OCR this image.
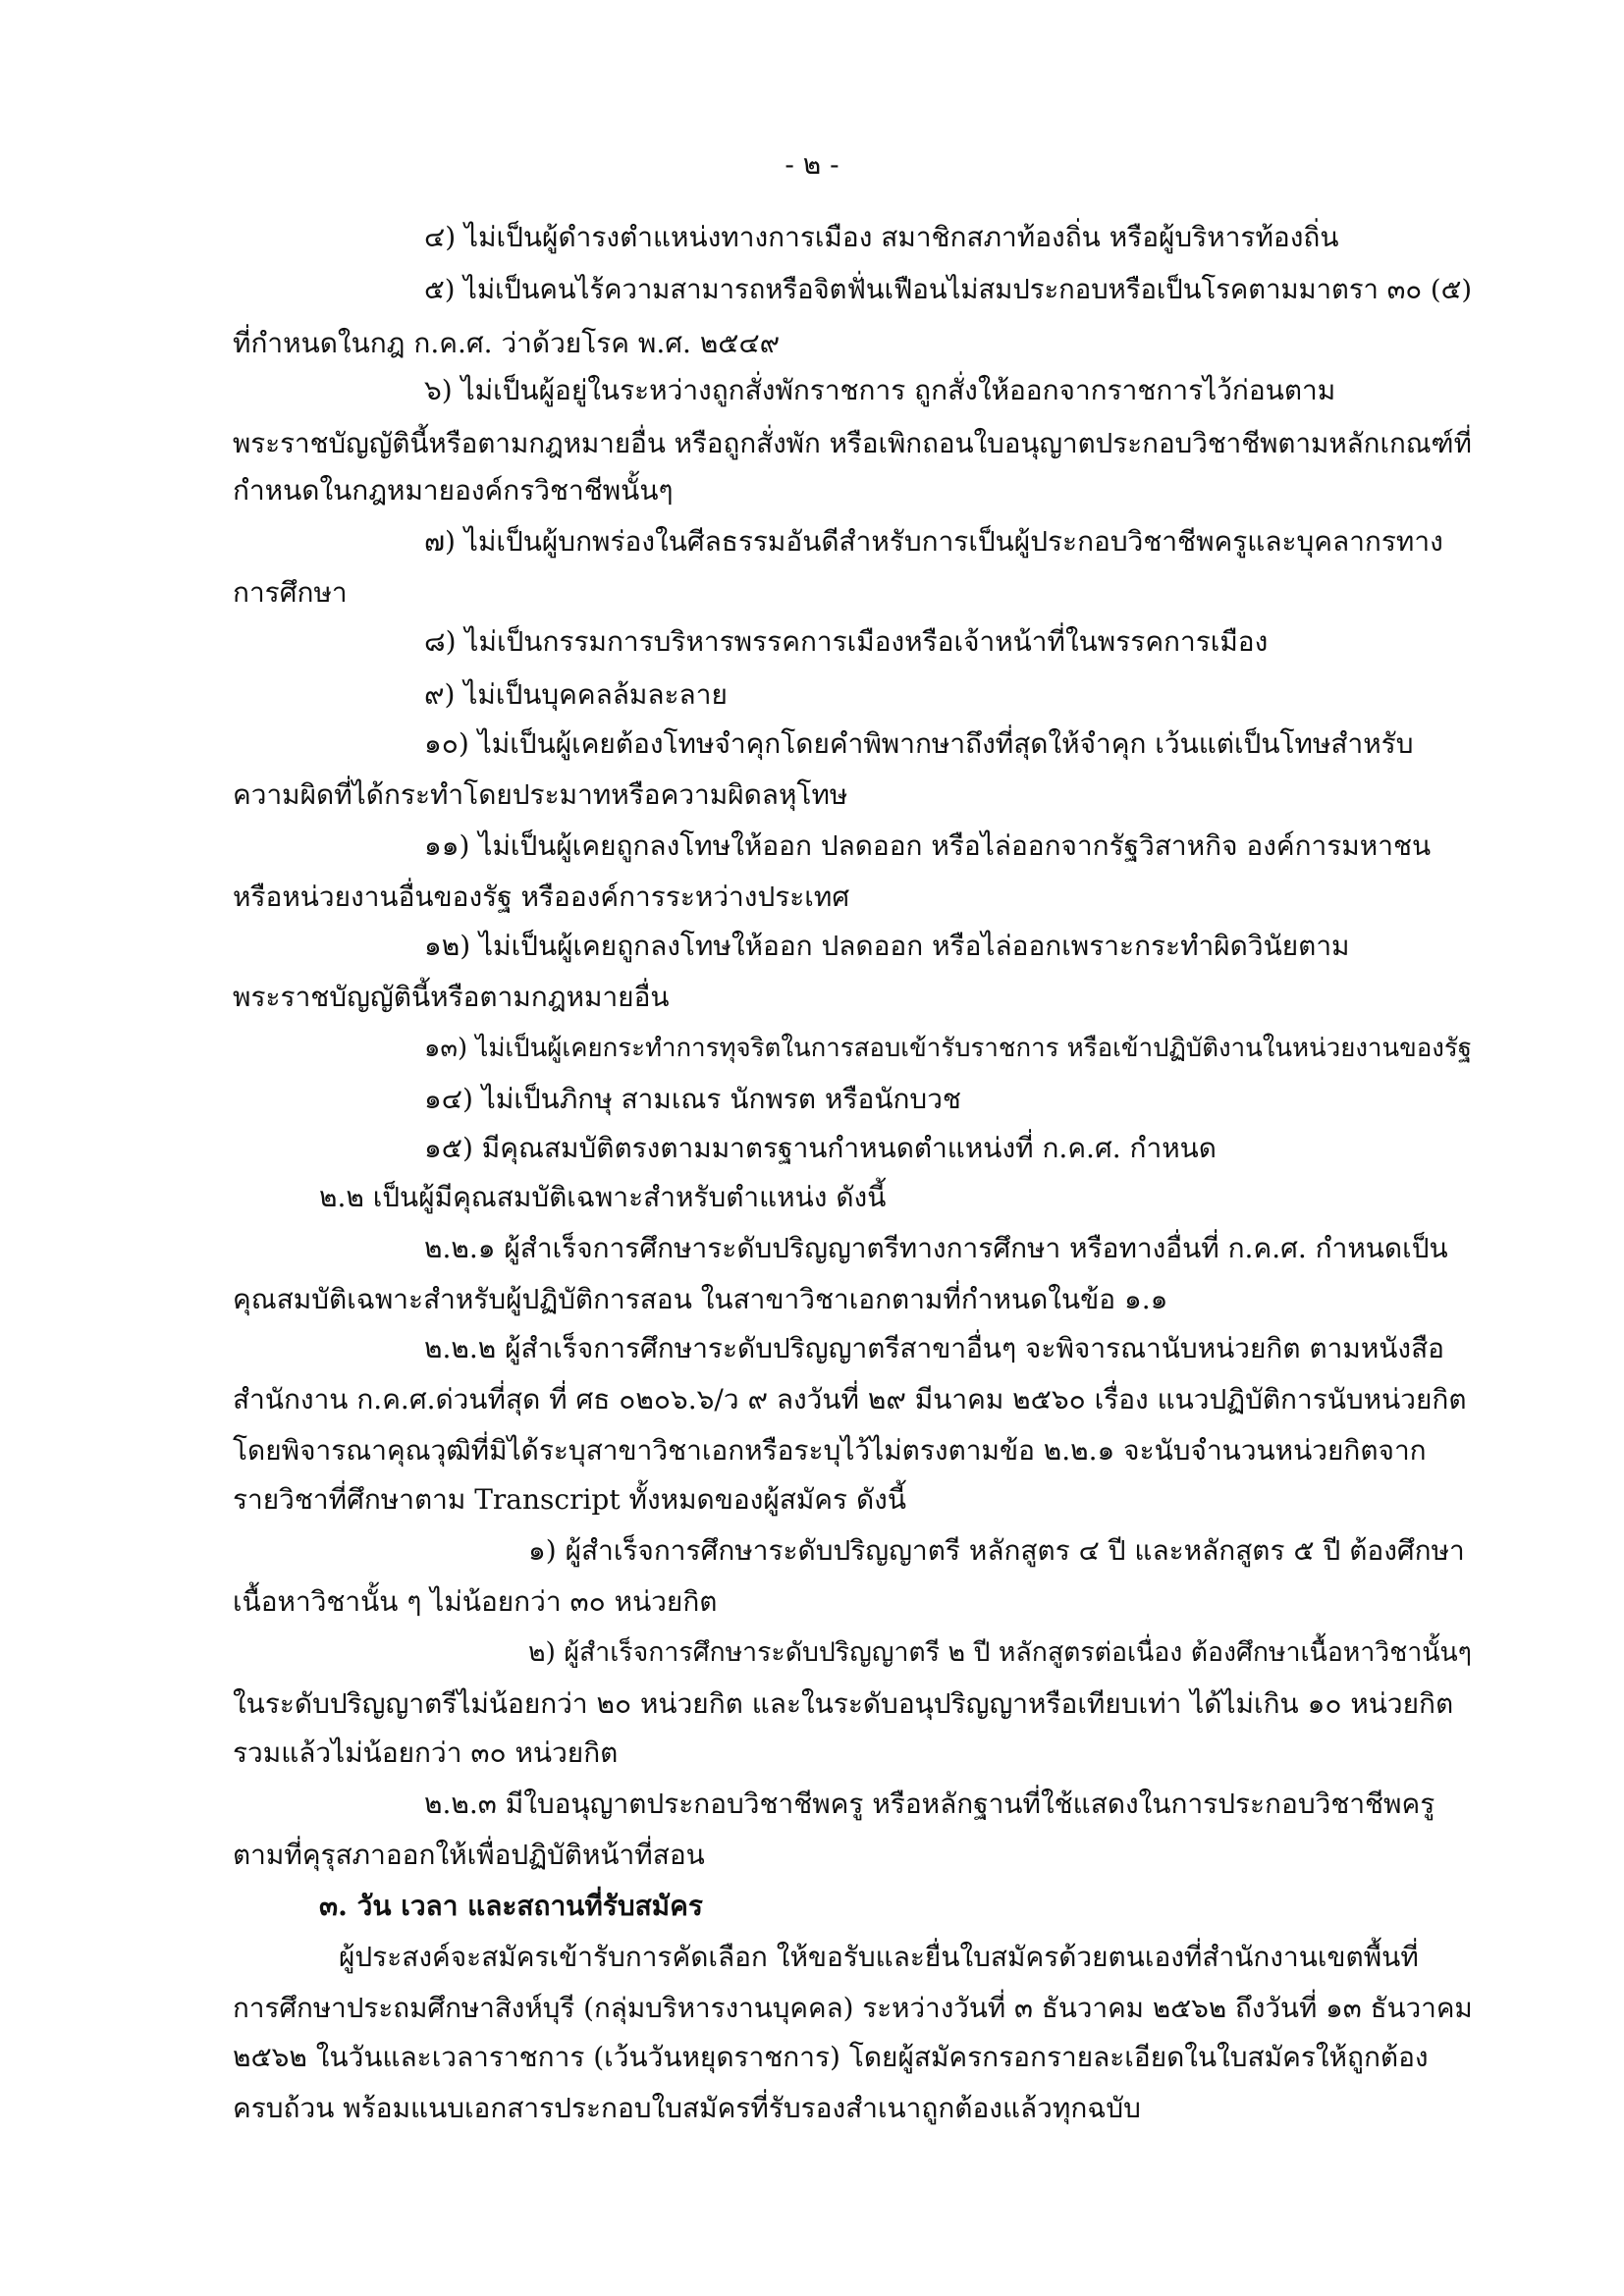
- ๒ -
๔) ไม่เป็นผู้ดำรงตำแหน่งทางการเมือง สมาชิกสภาท้องถิ่น หรือผู้บริหารท้องถิ่น
๕) ไม่เป็นคนไร้ความสามารถหรือจิตฟั่นเฟือนไม่สมประกอบหรือเป็นโรคตามมาตรา ๓๐ (๕)
ที่กำหนดในกฎ ก.ค.ศ. ว่าด้วยโรค พ.ศ. ๒๕๔๙
๖) ไม่เป็นผู้อยู่ในระหว่างถูกสั่งพักราชการ ถูกสั่งให้ออกจากราชการไว้ก่อนตาม
พระราชบัญญัตินี้หรือตามกฎหมายอื่น หรือถูกสั่งพัก หรือเพิกถอนใบอนุญาตประกอบวิชาชีพตามหลักเกณฑ์ที่
กำหนดในกฎหมายองค์กรวิชาชีพนั้นๆ
๗) ไม่เป็นผู้บกพร่องในศีลธรรมอันดีสำหรับการเป็นผู้ประกอบวิชาชีพครูและบุคลากรทาง
การศึกษา
๘) ไม่เป็นกรรมการบริหารพรรคการเมืองหรือเจ้าหน้าที่ในพรรคการเมือง
๙) ไม่เป็นบุคคลล้มละลาย
๑๐) ไม่เป็นผู้เคยต้องโทษจำคุกโดยคำพิพากษาถึงที่สุดให้จำคุก เว้นแต่เป็นโทษสำหรับ
ความผิดที่ได้กระทำโดยประมาทหรือความผิดลหุโทษ
๑๑) ไม่เป็นผู้เคยถูกลงโทษให้ออก ปลดออก หรือไล่ออกจากรัฐวิสาหกิจ องค์การมหาชน
หรือหน่วยงานอื่นของรัฐ หรือองค์การระหว่างประเทศ
๑๒) ไม่เป็นผู้เคยถูกลงโทษให้ออก ปลดออก หรือไล่ออกเพราะกระทำผิดวินัยตาม
พระราชบัญญัตินี้หรือตามกฎหมายอื่น
๑๓) ไม่เป็นผู้เคยกระทำการทุจริตในการสอบเข้ารับราชการ หรือเข้าปฏิบัติงานในหน่วยงานของรัฐ
๑๔) ไม่เป็นภิกษุ สามเณร นักพรต หรือนักบวช
๑๕) มีคุณสมบัติตรงตามมาตรฐานกำหนดตำแหน่งที่ ก.ค.ศ. กำหนด
๒.๒ เป็นผู้มีคุณสมบัติเฉพาะสำหรับตำแหน่ง ดังนี้
๒.๒.๑ ผู้สำเร็จการศึกษาระดับปริญญาตรีทางการศึกษา หรือทางอื่นที่ ก.ค.ศ. กำหนดเป็น
คุณสมบัติเฉพาะสำหรับผู้ปฏิบัติการสอน ในสาขาวิชาเอกตามที่กำหนดในข้อ ๑.๑
๒.๒.๒ ผู้สำเร็จการศึกษาระดับปริญญาตรีสาขาอื่นๆ จะพิจารณานับหน่วยกิต ตามหนังสือ
สำนักงาน ก.ค.ศ.ด่วนที่สุด ที่ ศธ ๐๒๐๖.๖/ว ๙ ลงวันที่ ๒๙ มีนาคม ๒๕๖๐ เรื่อง แนวปฏิบัติการนับหน่วยกิต
โดยพิจารณาคุณวุฒิที่มิได้ระบุสาขาวิชาเอกหรือระบุไว้ไม่ตรงตามข้อ ๒.๒.๑ จะนับจำนวนหน่วยกิตจาก
รายวิชาที่ศึกษาตาม Transcript ทั้งหมดของผู้สมัคร ดังนี้
๑) ผู้สำเร็จการศึกษาระดับปริญญาตรี หลักสูตร ๔ ปี และหลักสูตร ๕ ปี ต้องศึกษา
เนื้อหาวิชานั้น ๆ ไม่น้อยกว่า ๓๐ หน่วยกิต
๒) ผู้สำเร็จการศึกษาระดับปริญญาตรี ๒ ปี หลักสูตรต่อเนื่อง ต้องศึกษาเนื้อหาวิชานั้นๆ
ในระดับปริญญาตรีไม่น้อยกว่า ๒๐ หน่วยกิต และในระดับอนุปริญญาหรือเทียบเท่า ได้ไม่เกิน ๑๐ หน่วยกิต
รวมแล้วไม่น้อยกว่า ๓๐ หน่วยกิต
๒.๒.๓ มีใบอนุญาตประกอบวิชาชีพครู หรือหลักฐานที่ใช้แสดงในการประกอบวิชาชีพครู
ตามที่คุรุสภาออกให้เพื่อปฏิบัติหน้าที่สอน
๓. วัน เวลา และสถานที่รับสมัคร
ผู้ประสงค์จะสมัครเข้ารับการคัดเลือก ให้ขอรับและยื่นใบสมัครด้วยตนเองที่สำนักงานเขตพื้นที่
การศึกษาประถมศึกษาสิงห์บุรี (กลุ่มบริหารงานบุคคล) ระหว่างวันที่ ๓ ธันวาคม ๒๕๖๒ ถึงวันที่ ๑๓ ธันวาคม
๒๕๖๒ ในวันและเวลาราชการ (เว้นวันหยุดราชการ) โดยผู้สมัครกรอกรายละเอียดในใบสมัครให้ถูกต้อง
ครบถ้วน พร้อมแนบเอกสารประกอบใบสมัครที่รับรองสำเนาถูกต้องแล้วทุกฉบับ
